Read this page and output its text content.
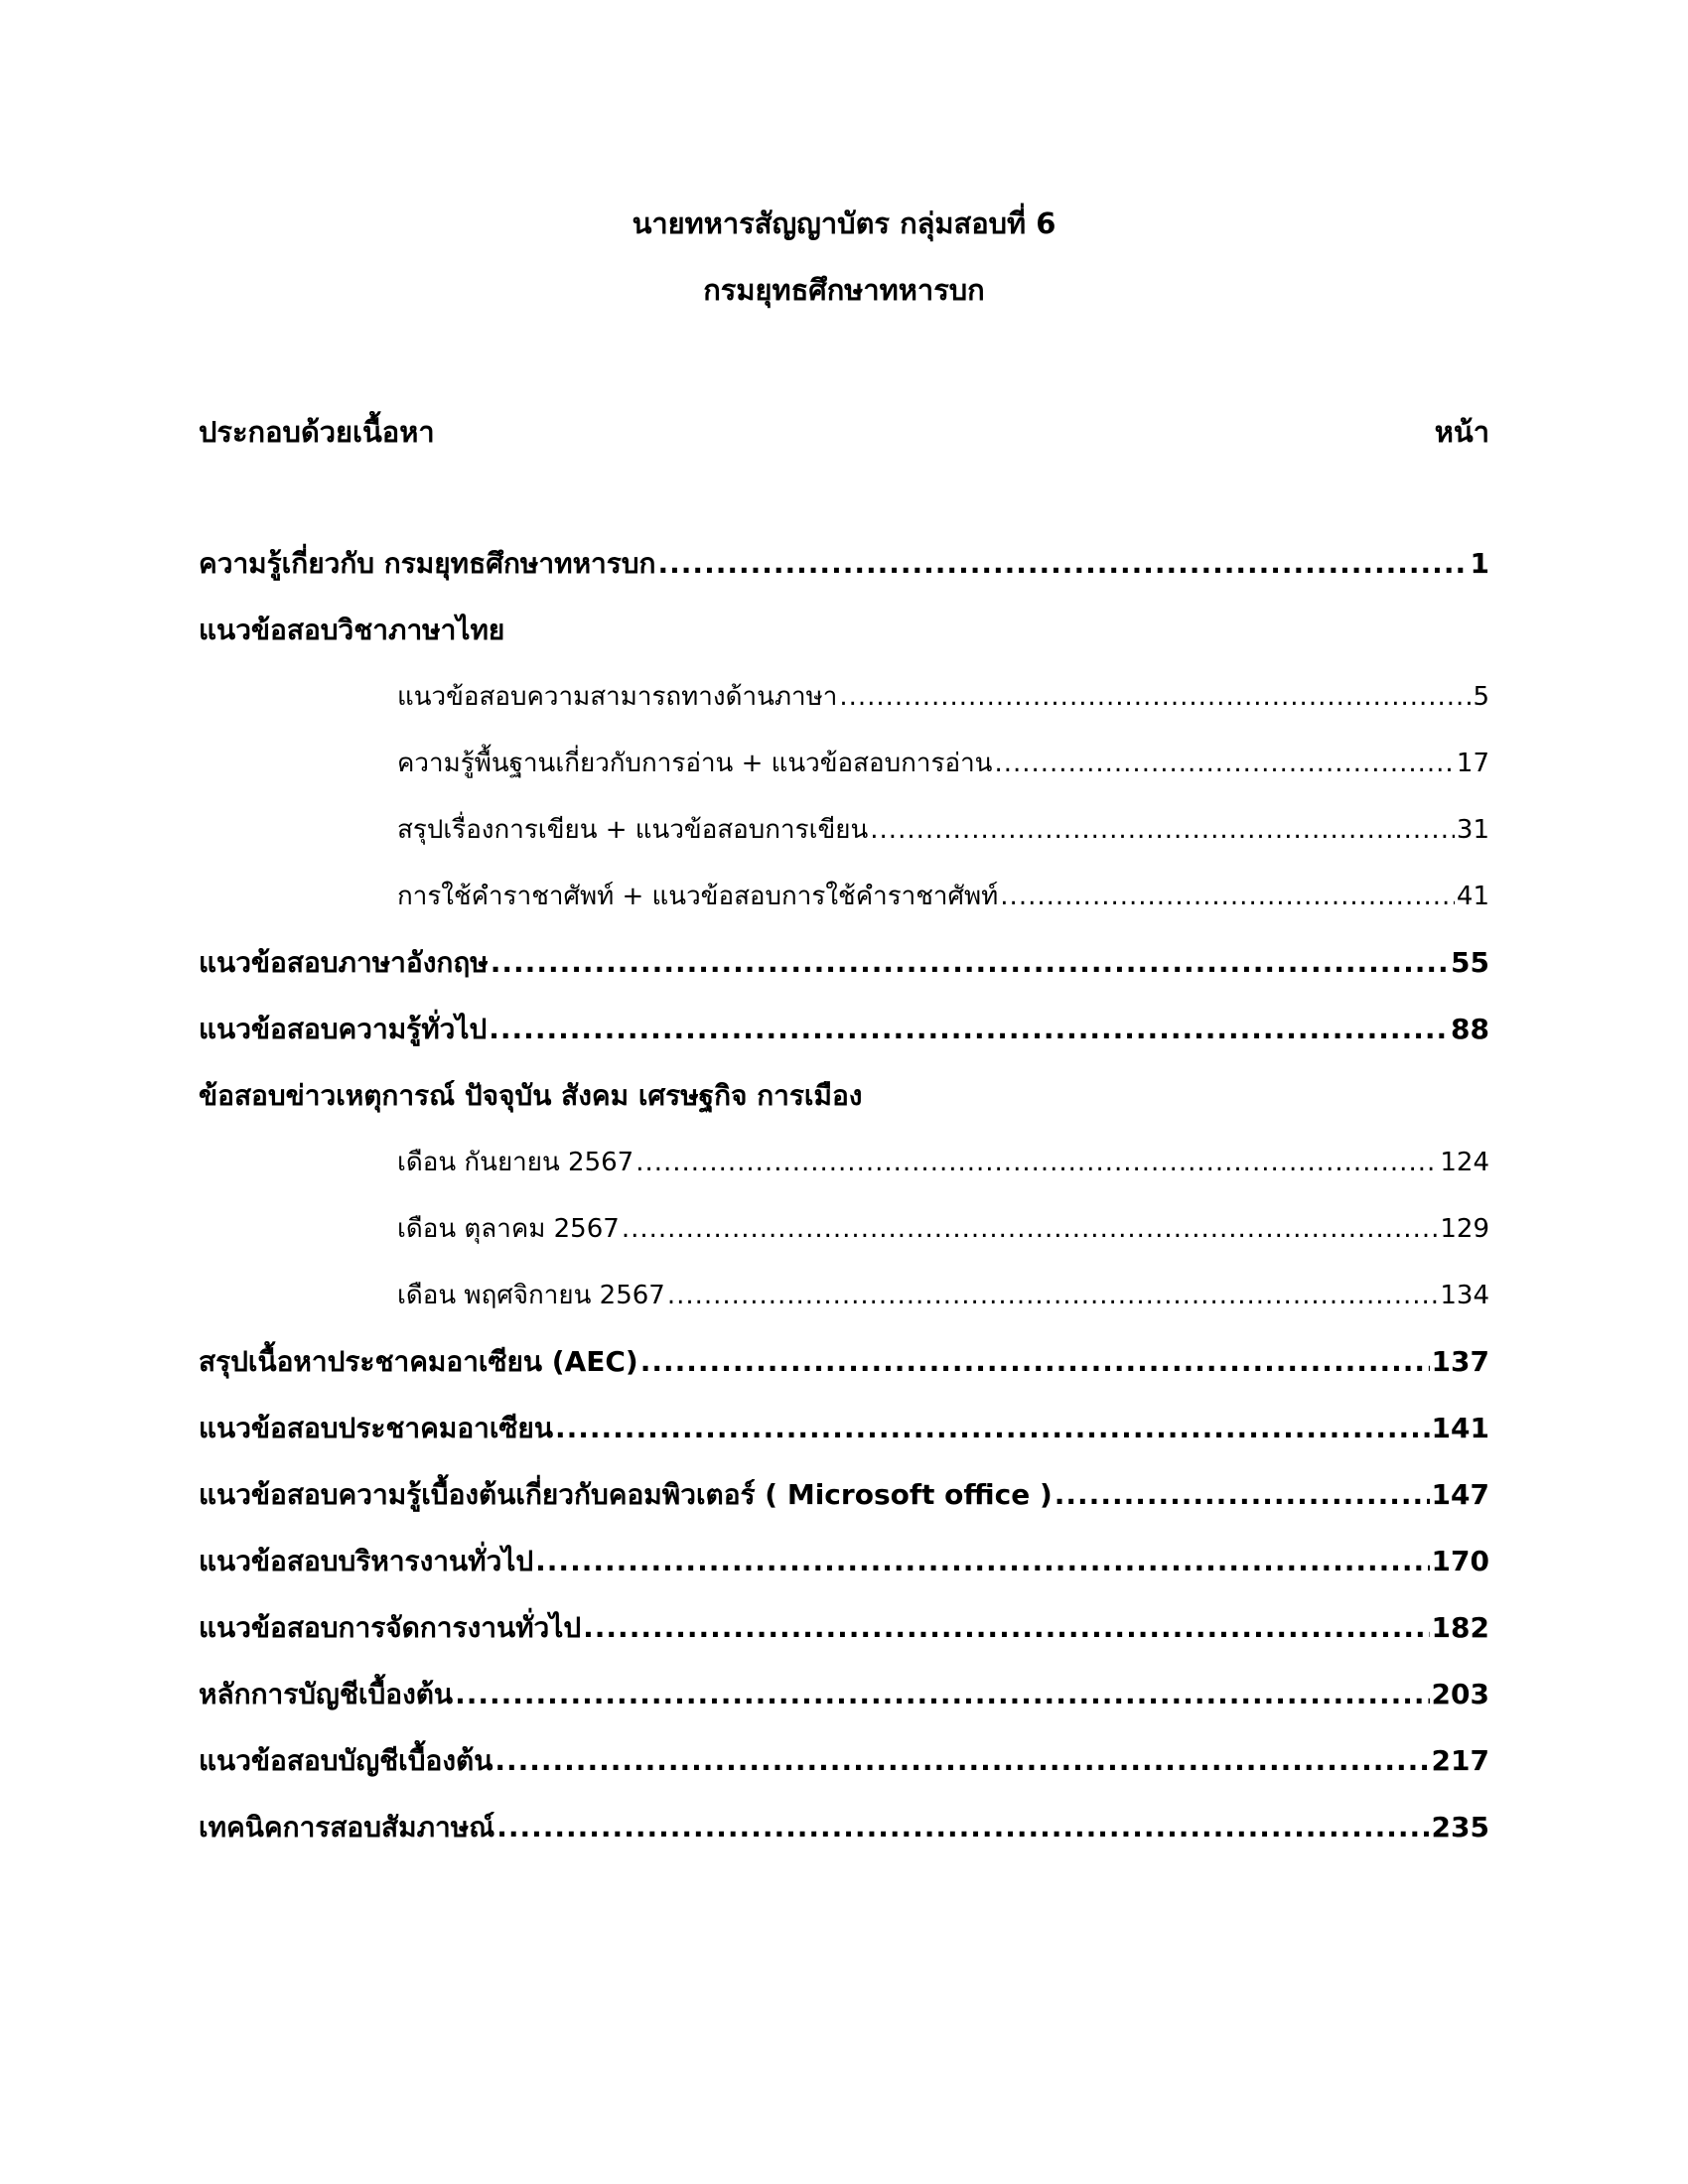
นายทหารสัญญาบัตร กลุ่มสอบที่ 6
กรมยุทธศึกษาทหารบก
ประกอบด้วยเนื้อหา	หน้า
ความรู้เกี่ยวกับ กรมยุทธศึกษาทหารบก .....	1
แนวข้อสอบวิชาภาษาไทย
แนวข้อสอบความสามารถทางด้านภาษา .....	5
ความรู้พื้นฐานเกี่ยวกับการอ่าน + แนวข้อสอบการอ่าน .....	17
สรุปเรื่องการเขียน + แนวข้อสอบการเขียน .....	31
การใช้คำราชาศัพท์ + แนวข้อสอบการใช้คำราชาศัพท์ .....	41
แนวข้อสอบภาษาอังกฤษ .....	55
แนวข้อสอบความรู้ทั่วไป .....	88
ข้อสอบข่าวเหตุการณ์ ปัจจุบัน สังคม เศรษฐกิจ การเมือง
เดือน กันยายน 2567 .....	124
เดือน ตุลาคม 2567 .....	129
เดือน พฤศจิกายน 2567 .....	134
สรุปเนื้อหาประชาคมอาเซียน (AEC) .....	137
แนวข้อสอบประชาคมอาเซียน .....	141
แนวข้อสอบความรู้เบื้องต้นเกี่ยวกับคอมพิวเตอร์ ( Microsoft office ) .....	147
แนวข้อสอบบริหารงานทั่วไป .....	170
แนวข้อสอบการจัดการงานทั่วไป .....	182
หลักการบัญชีเบื้องต้น .....	203
แนวข้อสอบบัญชีเบื้องต้น .....	217
เทคนิคการสอบสัมภาษณ์ .....	235
